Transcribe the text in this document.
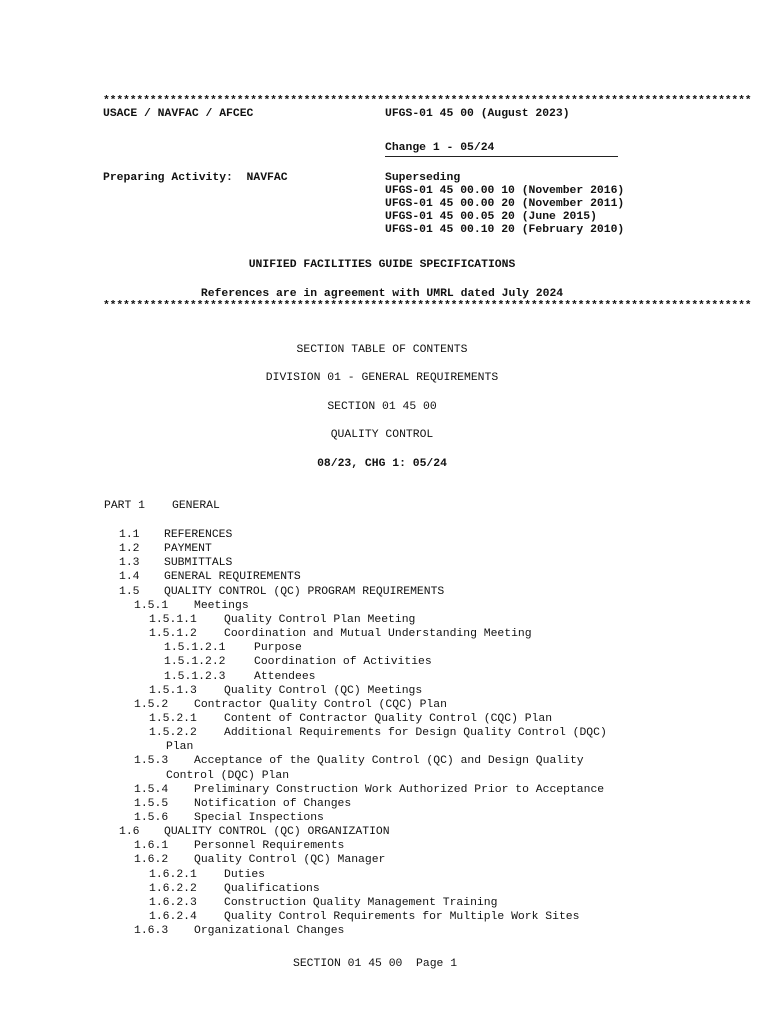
*************************************************************************************************
USACE / NAVFAC / AFCEC	UFGS-01 45 00 (August 2023)
Change 1 - 05/24
Preparing Activity:  NAVFAC	Superseding
UFGS-01 45 00.00 10 (November 2016)
UFGS-01 45 00.00 20 (November 2011)
UFGS-01 45 00.05 20 (June 2015)
UFGS-01 45 00.10 20 (February 2010)
UNIFIED FACILITIES GUIDE SPECIFICATIONS
References are in agreement with UMRL dated July 2024
*************************************************************************************************
SECTION TABLE OF CONTENTS
DIVISION 01 - GENERAL REQUIREMENTS
SECTION 01 45 00
QUALITY CONTROL
08/23, CHG 1: 05/24
PART 1 GENERAL
1.1 REFERENCES
1.2 PAYMENT
1.3 SUBMITTALS
1.4 GENERAL REQUIREMENTS
1.5 QUALITY CONTROL (QC) PROGRAM REQUIREMENTS
1.5.1 Meetings
1.5.1.1 Quality Control Plan Meeting
1.5.1.2 Coordination and Mutual Understanding Meeting
1.5.1.2.1 Purpose
1.5.1.2.2 Coordination of Activities
1.5.1.2.3 Attendees
1.5.1.3 Quality Control (QC) Meetings
1.5.2 Contractor Quality Control (CQC) Plan
1.5.2.1 Content of Contractor Quality Control (CQC) Plan
1.5.2.2 Additional Requirements for Design Quality Control (DQC)
Plan
1.5.3 Acceptance of the Quality Control (QC) and Design Quality
Control (DQC) Plan
1.5.4 Preliminary Construction Work Authorized Prior to Acceptance
1.5.5 Notification of Changes
1.5.6 Special Inspections
1.6 QUALITY CONTROL (QC) ORGANIZATION
1.6.1 Personnel Requirements
1.6.2 Quality Control (QC) Manager
1.6.2.1 Duties
1.6.2.2 Qualifications
1.6.2.3 Construction Quality Management Training
1.6.2.4 Quality Control Requirements for Multiple Work Sites
1.6.3 Organizational Changes
SECTION 01 45 00  Page 1
